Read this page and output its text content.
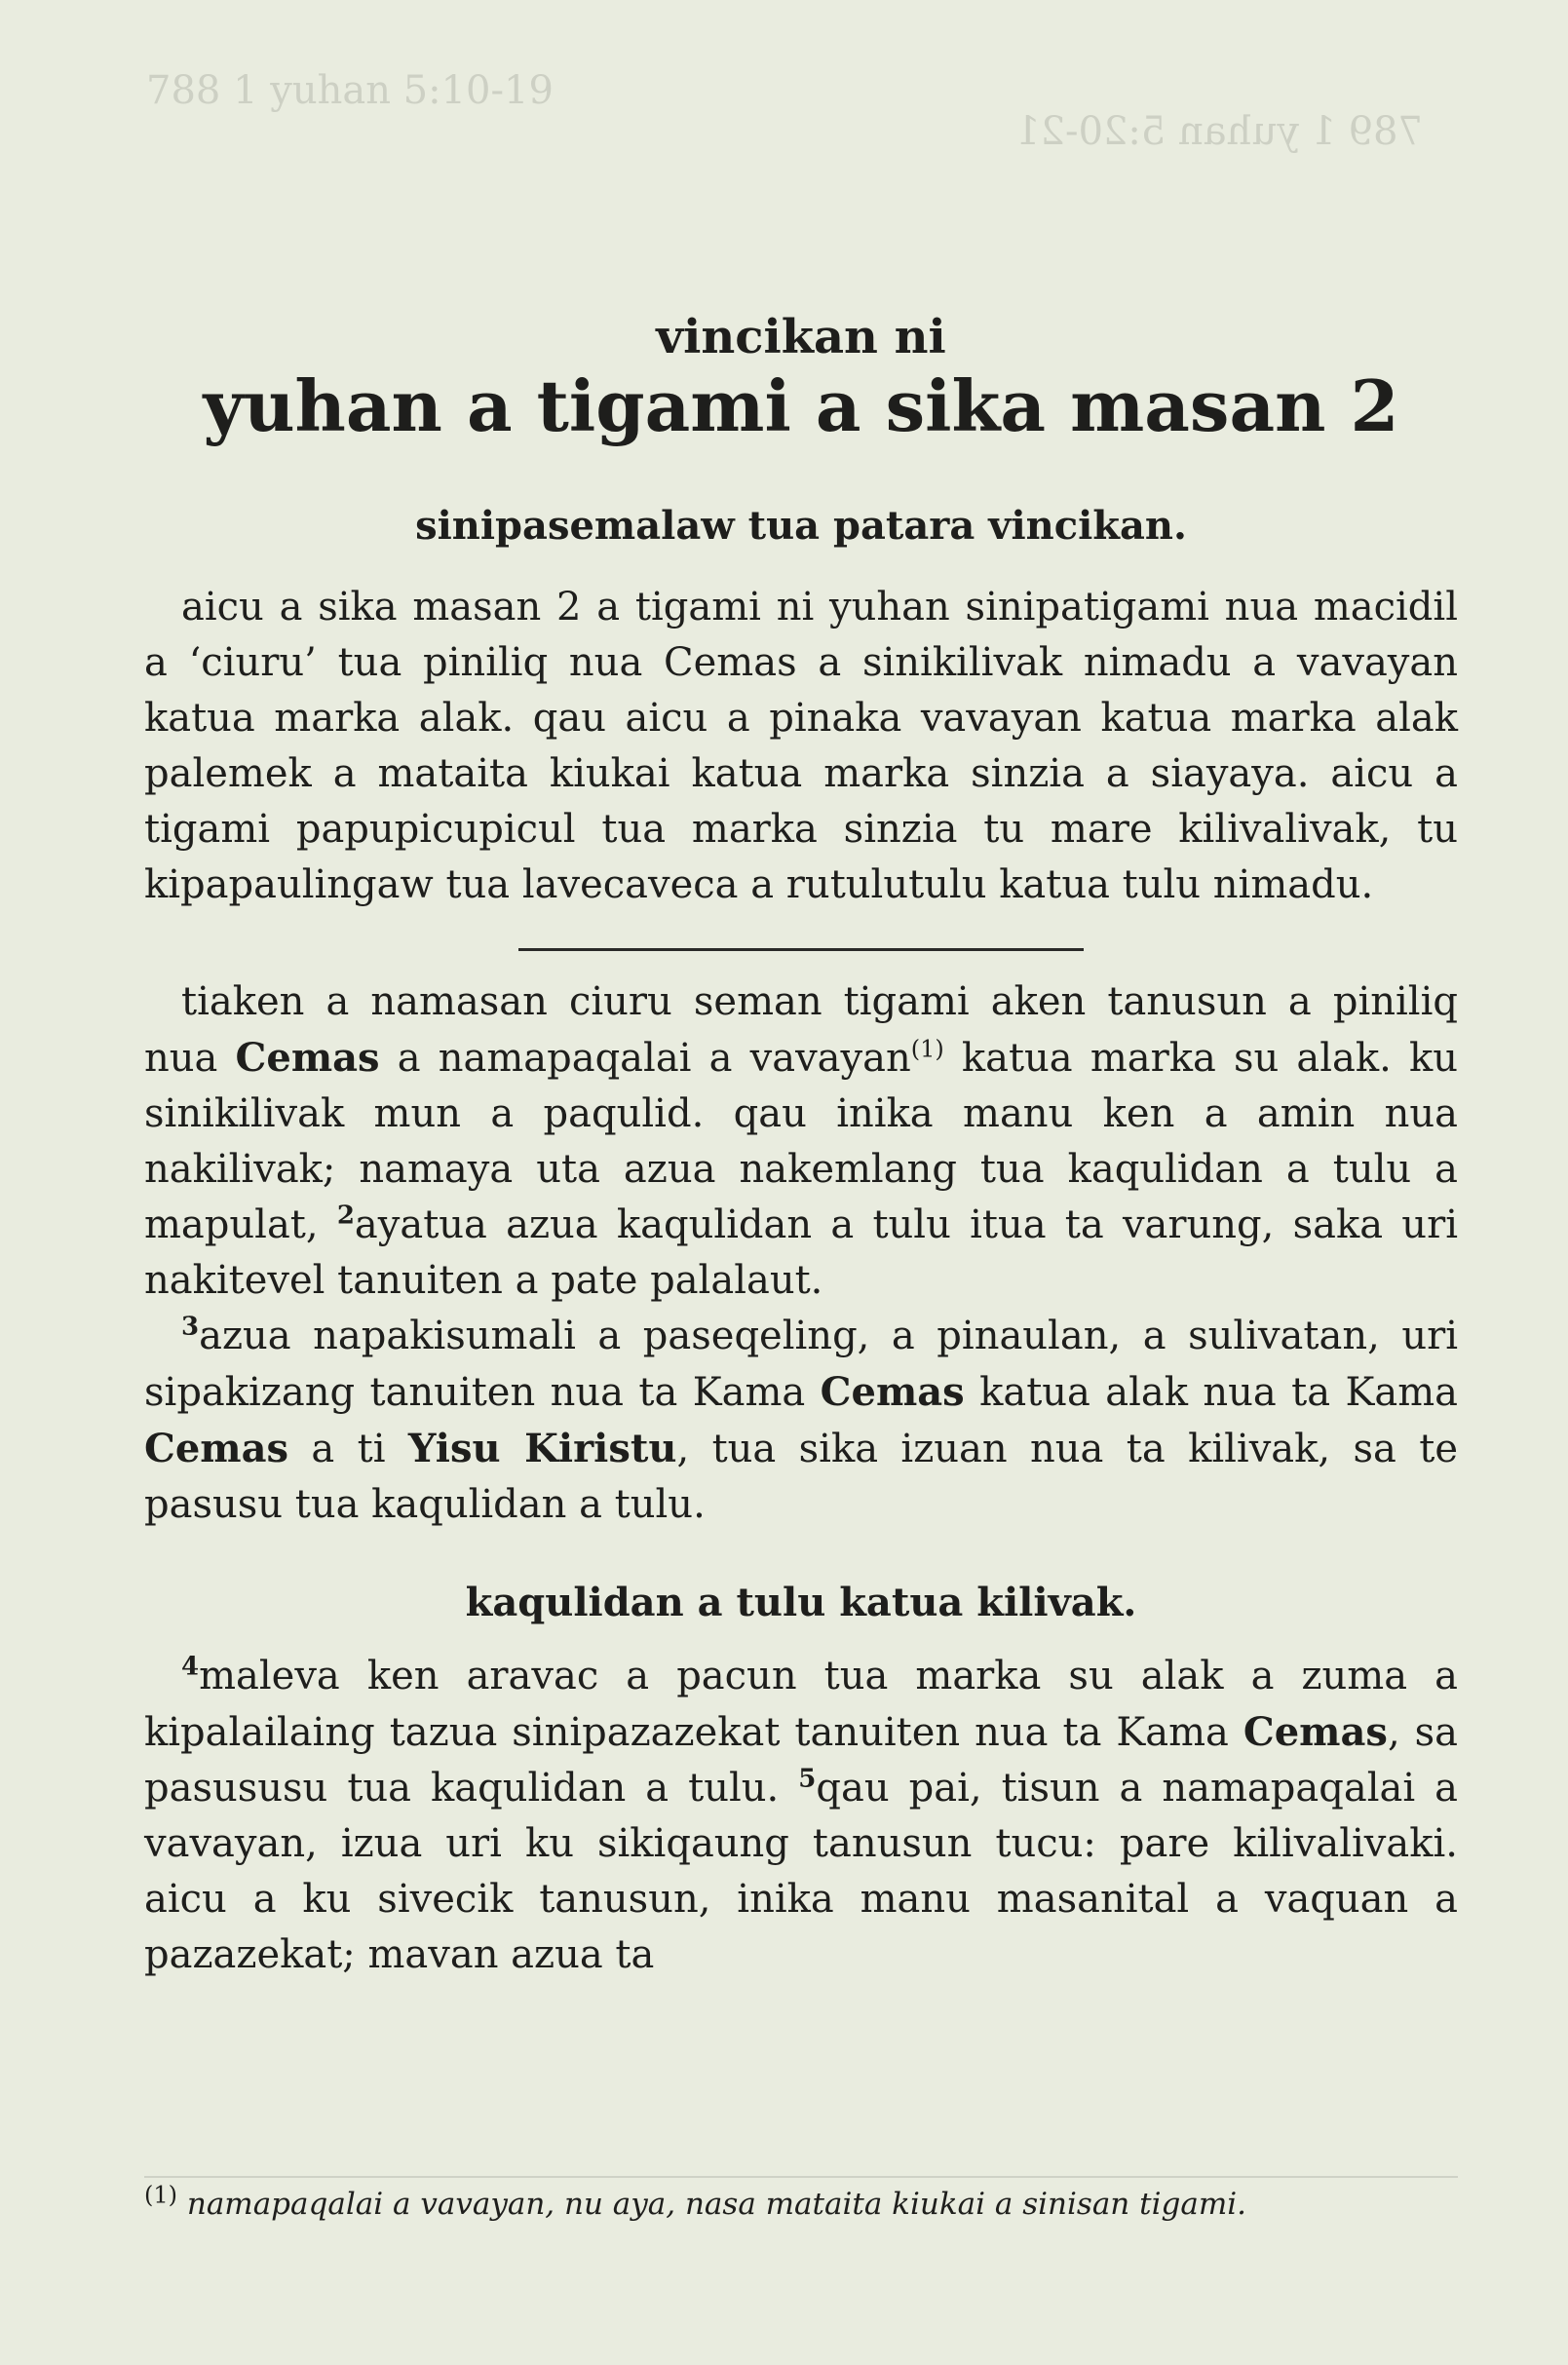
788 1 yuhan 5:10-19
789 1 yuhan 5:20-21
vincikan ni
yuhan a tigami a sika masan 2
sinipasemalaw tua patara vincikan.

aicu a sika masan 2 a tigami ni yuhan sinipatigami nua macidil a ‘ciuru’ tua piniliq nua Cemas a sinikilivak nimadu a vavayan katua marka alak. qau aicu a pinaka vavayan katua marka alak palemek a mataita kiukai katua marka sinzia a siayaya. aicu a tigami papupicupicul tua marka sinzia tu mare kilivalivak, tu kipapaulingaw tua lavecaveca a rutulutulu katua tulu nimadu.

tiaken a namasan ciuru seman tigami aken tanusun a piniliq nua Cemas a namapaqalai a vavayan$^{(1)}$ katua marka su alak. ku sinikilivak mun a paqulid. qau inika manu ken a amin nua nakilivak; namaya uta azua nakemlang tua kaqulidan a tulu a mapulat, $^2$ayatua azua kaqulidan a tulu itua ta varung, saka uri nakitevel tanuiten a pate palalaut.

$^3$azua napakisumali a paseqeling, a pinaulan, a sulivatan, uri sipakizang tanuiten nua ta Kama Cemas katua alak nua ta Kama Cemas a ti Yisu Kiristu, tua sika izuan nua ta kilivak, sa te pasusu tua kaqulidan a tulu.

kaqulidan a tulu katua kilivak.

$^4$maleva ken aravac a pacun tua marka su alak a zuma a kipalailaing tazua sinipazazekat tanuiten nua ta Kama Cemas, sa pasususu tua kaqulidan a tulu. $^5$qau pai, tisun a namapaqalai a vavayan, izua uri ku sikiqaung tanusun tucu: pare kilivalivaki. aicu a ku sivecik tanusun, inika manu masanital a vaquan a pazazekat; mavan azua ta

$^{(1)}$ namapaqalai a vavayan, nu aya, nasa mataita kiukai a sinisan tigami.
